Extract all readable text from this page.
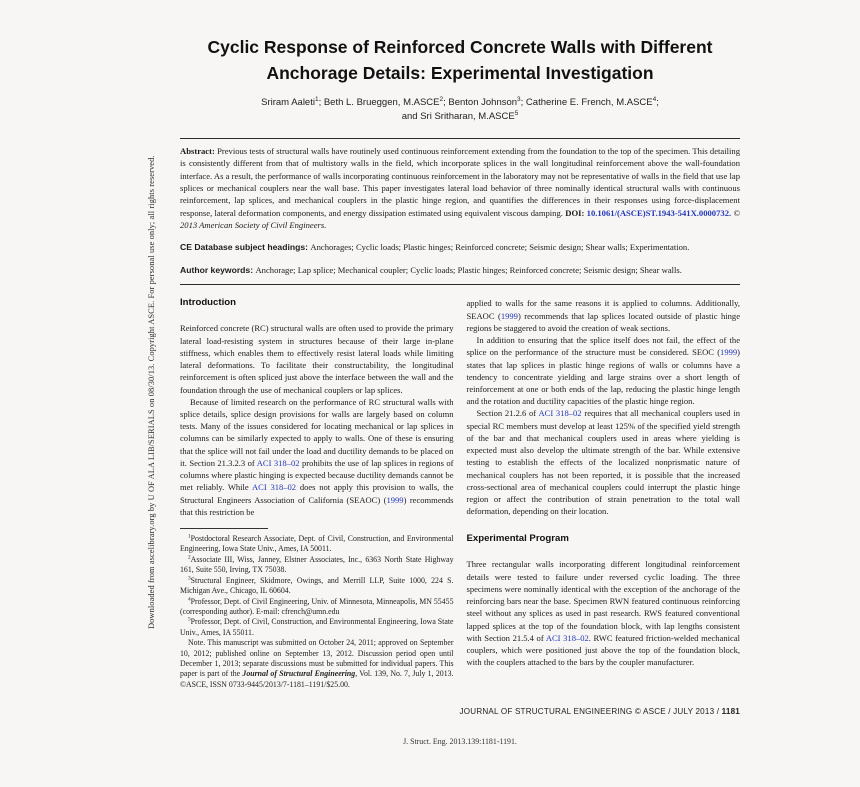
Downloaded from ascelibrary.org by U OF ALA LIB/SERIALS on 08/30/13. Copyright ASCE. For personal use only; all rights reserved.
Cyclic Response of Reinforced Concrete Walls with Different
Anchorage Details: Experimental Investigation
Sriram Aaleti$^1$; Beth L. Brueggen, M.ASCE$^2$; Benton Johnson$^3$; Catherine E. French, M.ASCE$^4$;
and Sri Sritharan, M.ASCE$^5$

Abstract: Previous tests of structural walls have routinely used continuous reinforcement extending from the foundation to the top of the specimen. This detailing is consistently different from that of multistory walls in the field, which incorporate splices in the wall longitudinal reinforcement above the wall-foundation interface. As a result, the performance of walls incorporating continuous reinforcement in the laboratory may not be representative of walls in the field that use lap splices or mechanical couplers near the wall base. This paper investigates lateral load behavior of three nominally identical structural walls with continuous reinforcement, lap splices, and mechanical couplers in the plastic hinge region, and quantifies the differences in their responses using force-displacement response, lateral deformation components, and energy dissipation estimated using equivalent viscous damping. DOI: 10.1061/(ASCE)ST.1943-541X.0000732. © 2013 American Society of Civil Engineers.

CE Database subject headings: Anchorages; Cyclic loads; Plastic hinges; Reinforced concrete; Seismic design; Shear walls; Experimentation.

Author keywords: Anchorage; Lap splice; Mechanical coupler; Cyclic loads; Plastic hinges; Reinforced concrete; Seismic design; Shear walls.

Introduction

Reinforced concrete (RC) structural walls are often used to provide the primary lateral load-resisting system in structures because of their large in-plane stiffness, which enables them to effectively resist lateral loads while limiting lateral deformations. To facilitate their constructability, the longitudinal reinforcement is often spliced just above the interface between the wall and the foundation through the use of mechanical couplers or lap splices.

Because of limited research on the performance of RC structural walls with splice details, splice design provisions for walls are largely based on column tests. Many of the issues considered for locating mechanical or lap splices in columns can be similarly expected to apply to walls. One of these is ensuring that the splice will not fail under the load and ductility demands to be placed on it. Section 21.3.2.3 of ACI 318–02 prohibits the use of lap splices in regions of columns where plastic hinging is expected because ductility demands cannot be met reliably. While ACI 318–02 does not apply this provision to walls, the Structural Engineers Association of California (SEAOC) (1999) recommends that this restriction be

$^1$Postdoctoral Research Associate, Dept. of Civil, Construction, and Environmental Engineering, Iowa State Univ., Ames, IA 50011.

$^2$Associate III, Wiss, Janney, Elstner Associates, Inc., 6363 North State Highway 161, Suite 550, Irving, TX 75038.

$^3$Structural Engineer, Skidmore, Owings, and Merrill LLP, Suite 1000, 224 S. Michigan Ave., Chicago, IL 60604.

$^4$Professor, Dept. of Civil Engineering, Univ. of Minnesota, Minneapolis, MN 55455 (corresponding author). E-mail: cfrench@umn.edu

$^5$Professor, Dept. of Civil, Construction, and Environmental Engineering, Iowa State Univ., Ames, IA 55011.

Note. This manuscript was submitted on October 24, 2011; approved on September 10, 2012; published online on September 13, 2012. Discussion period open until December 1, 2013; separate discussions must be submitted for individual papers. This paper is part of the Journal of Structural Engineering, Vol. 139, No. 7, July 1, 2013. ©ASCE, ISSN 0733-9445/2013/7-1181–1191/$25.00.

applied to walls for the same reasons it is applied to columns. Additionally, SEAOC (1999) recommends that lap splices located outside of plastic hinge regions be staggered to avoid the creation of weak sections.

In addition to ensuring that the splice itself does not fail, the effect of the splice on the performance of the structure must be considered. SEOC (1999) states that lap splices in plastic hinge regions of walls or columns have a tendency to concentrate yielding and large strains over a short length of reinforcement at one or both ends of the lap, reducing the plastic hinge length and the rotation and ductility capacities of the plastic hinge region.

Section 21.2.6 of ACI 318–02 requires that all mechanical couplers used in special RC members must develop at least 125% of the specified yield strength of the bar and that mechanical couplers used in areas where yielding is expected must also develop the ultimate strength of the bar. While extensive testing to establish the effects of the localized nonprismatic nature of mechanical couplers has not been reported, it is possible that the increased cross-sectional area of mechanical couplers could interrupt the plastic hinge region or affect the contribution of strain penetration to the total wall deformation, depending on their location.

Experimental Program

Three rectangular walls incorporating different longitudinal reinforcement details were tested to failure under reversed cyclic loading. The three specimens were nominally identical with the exception of the anchorage of the reinforcing bars near the base. Specimen RWN featured continuous reinforcing steel without any splices as used in past research. RWS featured conventional lapped splices at the top of the foundation block, with lap lengths consistent with Section 21.5.4 of ACI 318–02. RWC featured friction-welded mechanical couplers, which were positioned just above the top of the foundation block, with the couplers attached to the bars by the coupler manufacturer.

JOURNAL OF STRUCTURAL ENGINEERING © ASCE / JULY 2013 / 1181
J. Struct. Eng. 2013.139:1181-1191.
